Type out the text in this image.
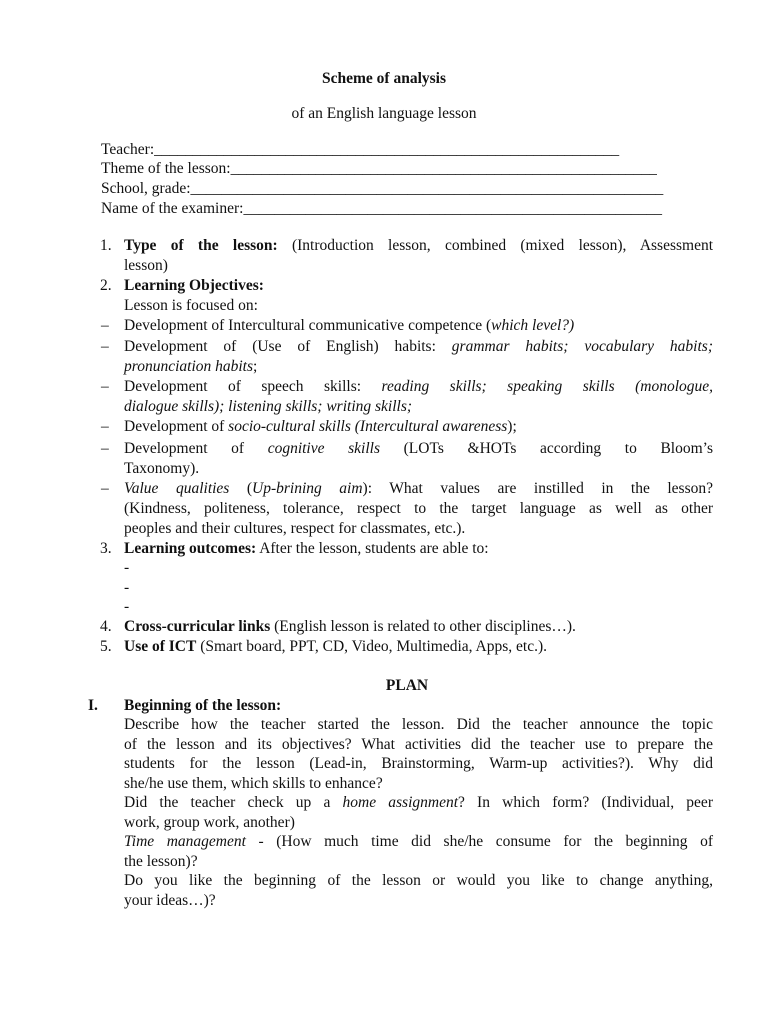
Scheme of analysis
of an English language lesson
Teacher:____________________________________________________________
Theme of the lesson:_______________________________________________________
School, grade:_____________________________________________________________
Name of the examiner:______________________________________________________
1. Type of the lesson: (Introduction lesson, combined (mixed lesson), Assessment
lesson)
2. Learning Objectives:
Lesson is focused on:
– Development of Intercultural communicative competence (which level?)
– Development of (Use of English) habits: grammar habits; vocabulary habits;
pronunciation habits;
– Development of speech skills: reading skills; speaking skills (monologue,
dialogue skills); listening skills; writing skills;
– Development of socio-cultural skills (Intercultural awareness);
– Development of cognitive skills (LOTs &HOTs according to Bloom’s
Taxonomy).
– Value qualities (Up-brining aim): What values are instilled in the lesson?
(Kindness, politeness, tolerance, respect to the target language as well as other
peoples and their cultures, respect for classmates, etc.).
3. Learning outcomes: After the lesson, students are able to:
-
-
-
4. Cross-curricular links (English lesson is related to other disciplines…).
5. Use of ICT (Smart board, PPT, CD, Video, Multimedia, Apps, etc.).
PLAN
I. Beginning of the lesson:
Describe how the teacher started the lesson. Did the teacher announce the topic
of the lesson and its objectives? What activities did the teacher use to prepare the
students for the lesson (Lead-in, Brainstorming, Warm-up activities?). Why did
she/he use them, which skills to enhance?
Did the teacher check up a home assignment? In which form? (Individual, peer
work, group work, another)
Time management - (How much time did she/he consume for the beginning of
the lesson)?
Do you like the beginning of the lesson or would you like to change anything,
your ideas…)?
